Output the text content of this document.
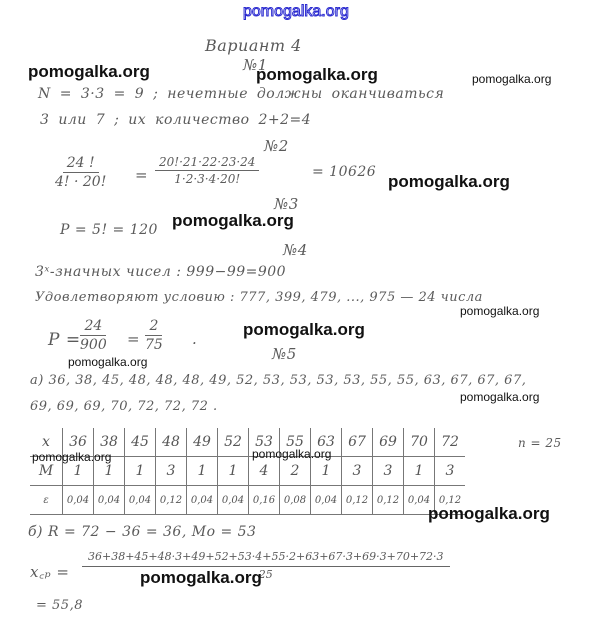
pomogalka.org
Вариант 4
№1
pomogalka.org	pomogalka.org	pomogalka.org
N = 3·3 = 9 ; нечетные должны оканчиваться
3 или 7 ; их количество 2+2=4
№2
$\frac{24 !}{4! \cdot 20!} = \frac{20!\cdot 21\cdot 22\cdot 23\cdot 24}{1\cdot 2\cdot 3\cdot 4\cdot 20!}$	= 10626 pomogalka.org
№3
P = 5! = 120 pomogalka.org
№4
3ˣ-значных чисел : 999−99=900
Удовлетворяют условию : 777, 399, 479, ..., 975 — 24 числа
pomogalka.org
$P = \frac{24}{900} = \frac{2}{75}$ .	pomogalka.org
№5
pomogalka.org
а) 36, 38, 45, 48, 48, 48, 49, 52, 53, 53, 53, 53, 55, 55, 63, 67, 67, 67,
pomogalka.org
69, 69, 69, 70, 72, 72, 72 .
x	36	38	45	48	49	52	53	55	63	67	69	70	72
M	1	1	1	3	1	1	4	2	1	3	3	1	3
ε	0,04	0,04	0,04	0,12	0,04	0,04	0,16	0,08	0,04	0,12	0,12	0,04	0,12
n = 25
pomogalka.org	pomogalka.org
pomogalka.org
б) R = 72 − 36 = 36, Mo = 53
x꜀ₚ = $\frac{36+38+45+48\cdot 3+49+52+53\cdot 4+55\cdot 2+63+67\cdot 3+69\cdot 3+70+72\cdot 3}{25}$
pomogalka.org
= 55,8
